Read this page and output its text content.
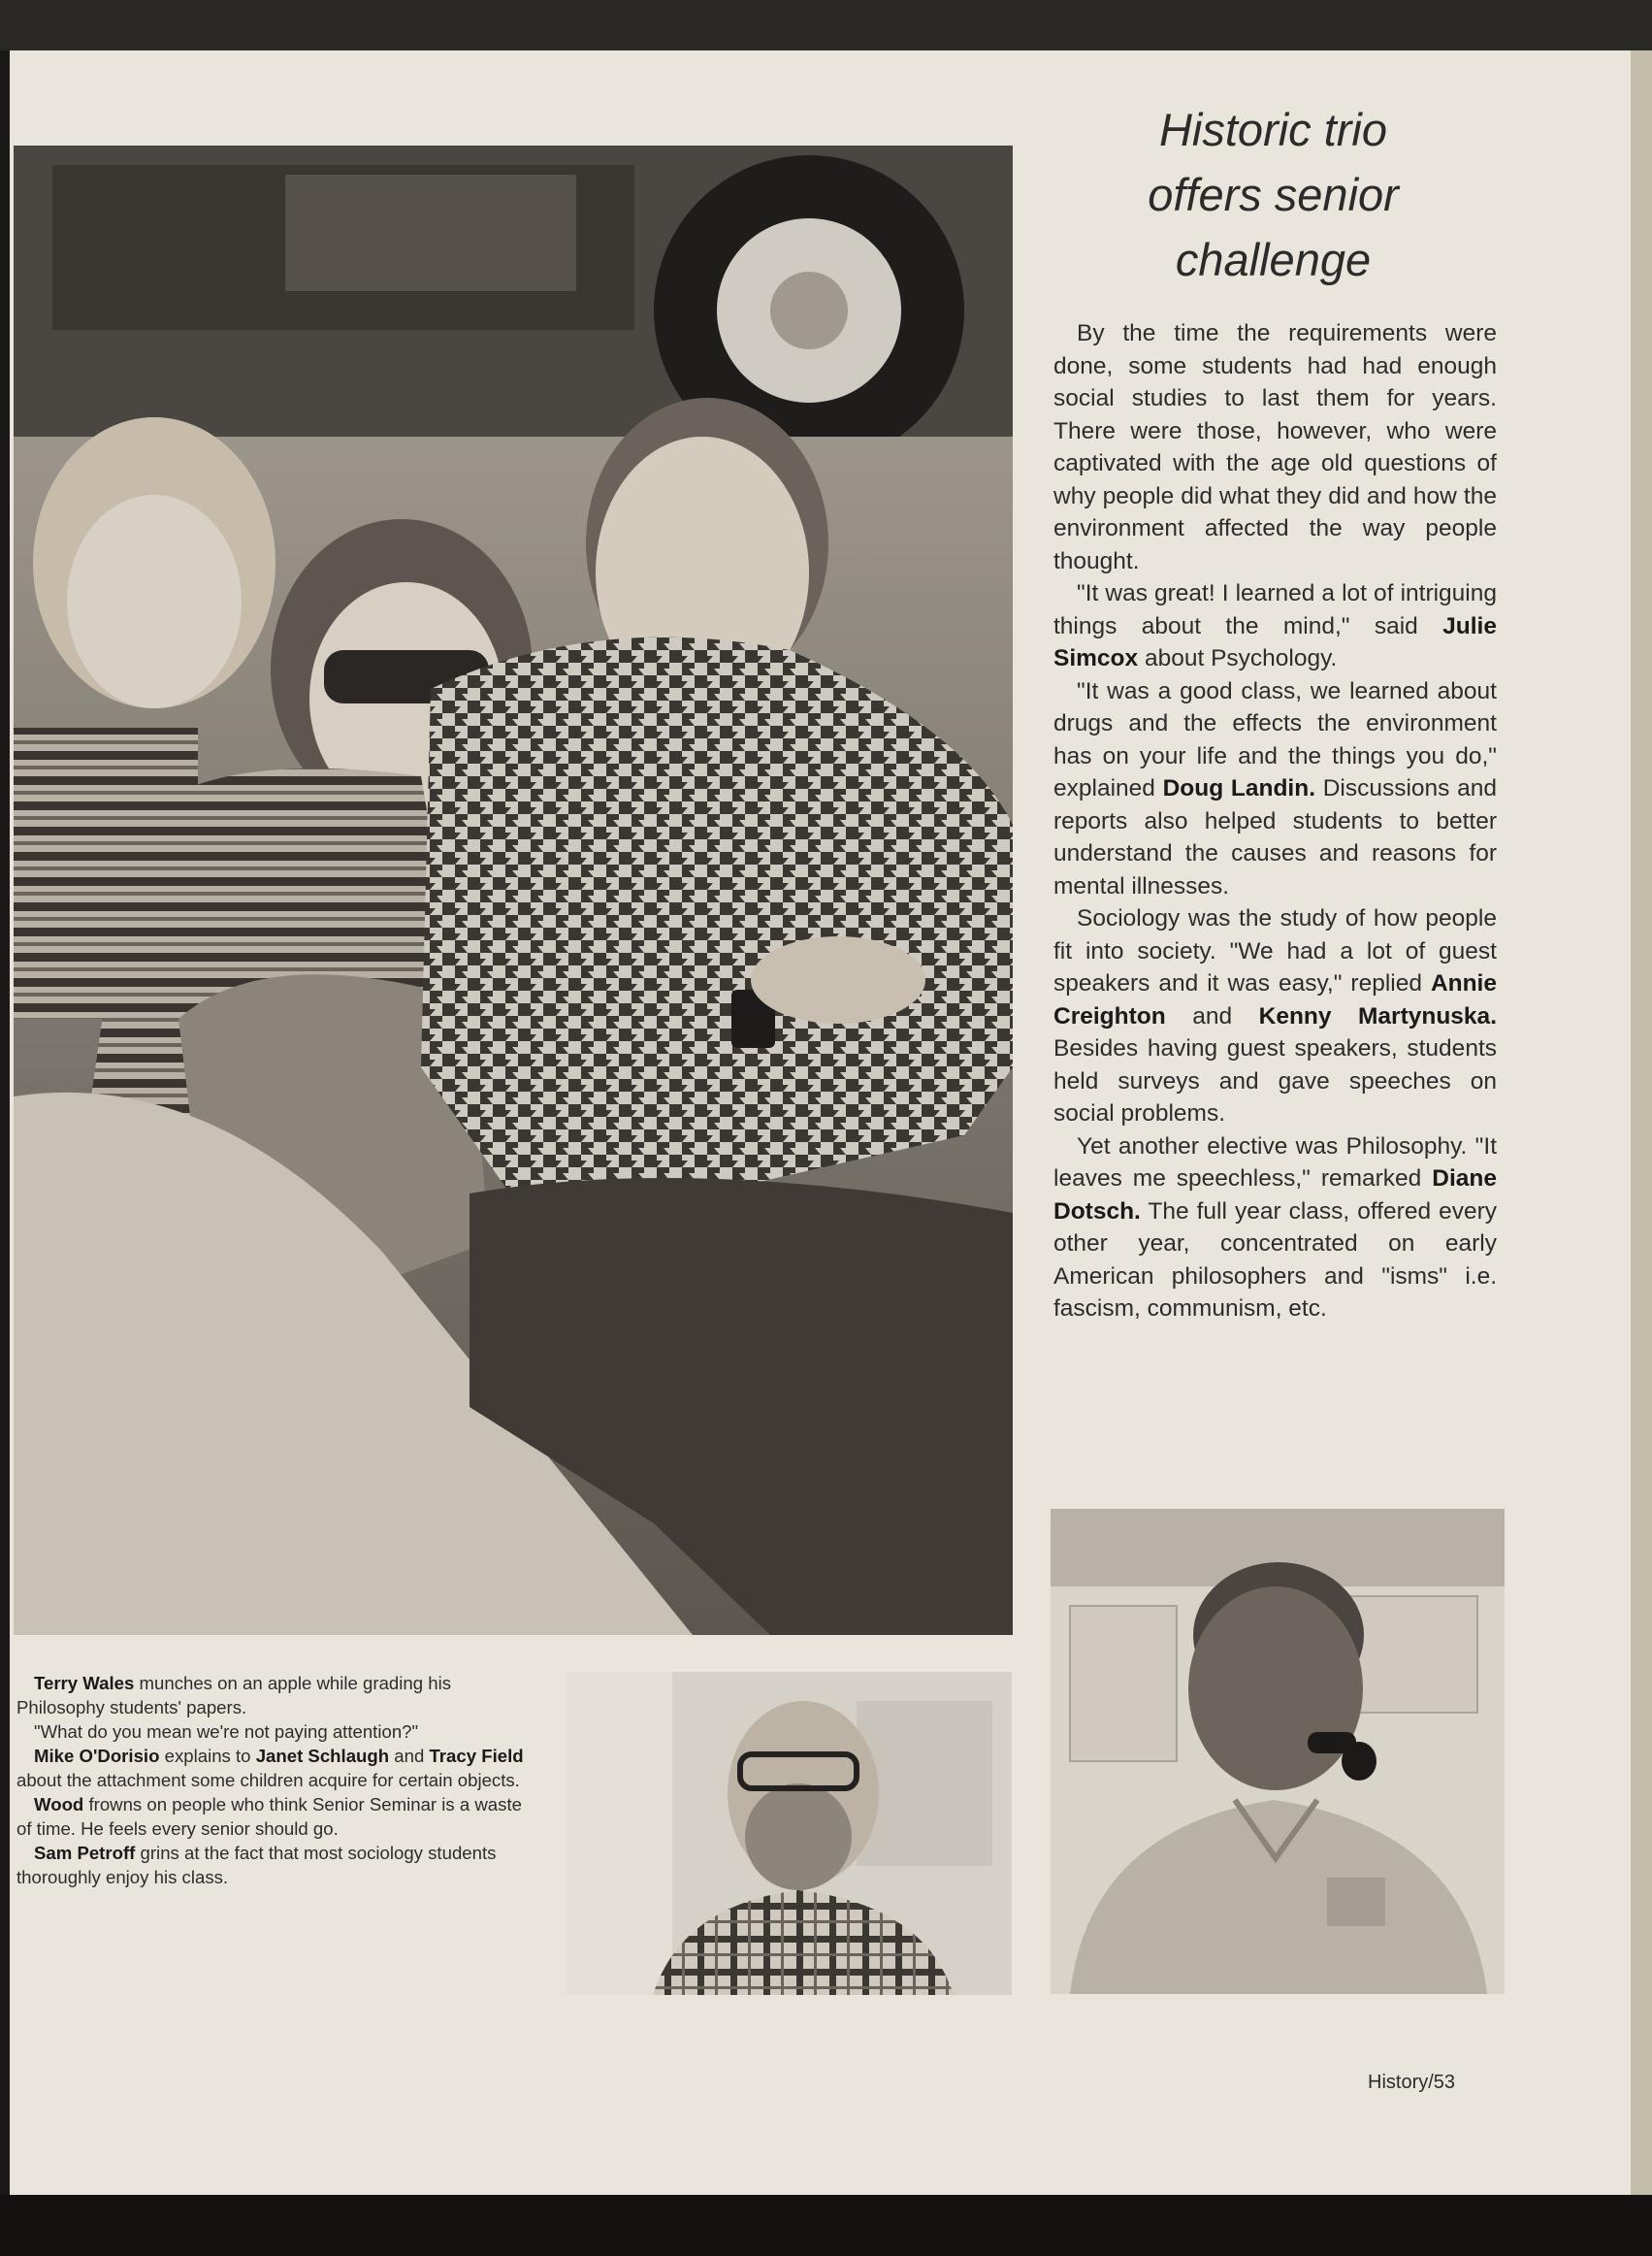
Historic trio
offers senior
challenge

By the time the requirements were done, some students had had enough social studies to last them for years. There were those, however, who were captivated with the age old questions of why people did what they did and how the environment affected the way people thought.

"It was great! I learned a lot of intriguing things about the mind," said Julie Simcox about Psychology.

"It was a good class, we learned about drugs and the effects the environment has on your life and the things you do," explained Doug Landin. Discussions and reports also helped students to better understand the causes and reasons for mental illnesses.

Sociology was the study of how people fit into society. "We had a lot of guest speakers and it was easy," replied Annie Creighton and Kenny Martynuska. Besides having guest speakers, students held surveys and gave speeches on social problems.

Yet another elective was Philosophy. "It leaves me speechless," remarked Diane Dotsch. The full year class, offered every other year, concentrated on early American philosophers and "isms" i.e. fascism, communism, etc.

Terry Wales munches on an apple while grading his Philosophy students' papers.

"What do you mean we're not paying attention?"

Mike O'Dorisio explains to Janet Schlaugh and Tracy Field about the attachment some children acquire for certain objects.

Wood frowns on people who think Senior Seminar is a waste of time. He feels every senior should go.

Sam Petroff grins at the fact that most sociology students thoroughly enjoy his class.

History/53
